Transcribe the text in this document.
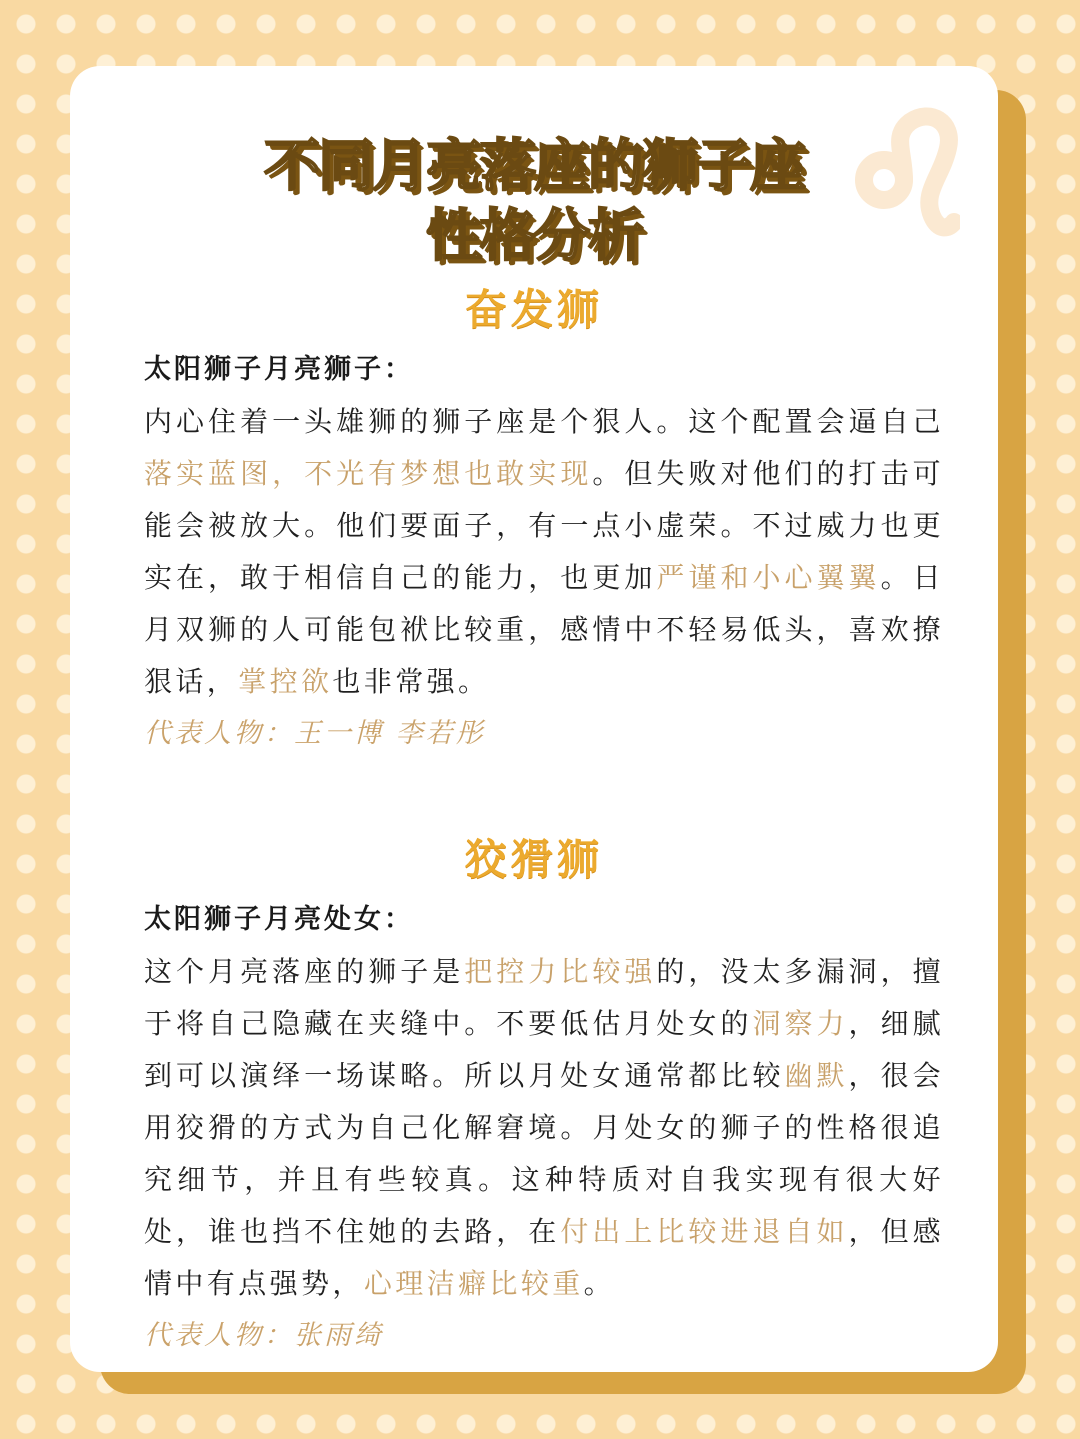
不同月亮落座的狮子座
性格分析
奋发狮
太阳狮子月亮狮子：
内心住着一头雄狮的狮子座是个狠人。这个配置会逼自己落实蓝图，不光有梦想也敢实现。但失败对他们的打击可能会被放大。他们要面子，有一点小虚荣。不过威力也更实在，敢于相信自己的能力，也更加严谨和小心翼翼。日月双狮的人可能包袱比较重，感情中不轻易低头，喜欢撩狠话，掌控欲也非常强。
代表人物：王一博 李若彤
狡猾狮
太阳狮子月亮处女：
这个月亮落座的狮子是把控力比较强的，没太多漏洞，擅于将自己隐藏在夹缝中。不要低估月处女的洞察力，细腻到可以演绎一场谋略。所以月处女通常都比较幽默，很会用狡猾的方式为自己化解窘境。月处女的狮子的性格很追究细节，并且有些较真。这种特质对自我实现有很大好处，谁也挡不住她的去路，在付出上比较进退自如，但感情中有点强势，心理洁癖比较重。
代表人物：张雨绮
